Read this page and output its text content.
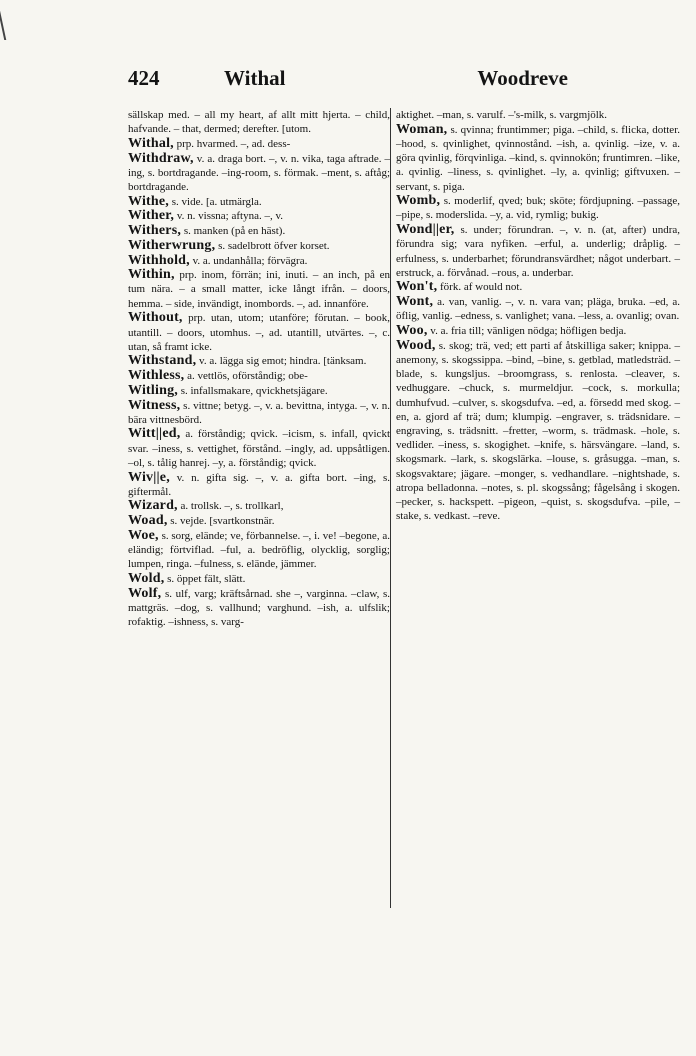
424	Withal	Woodreve

sällskap med. – all my heart, af allt mitt hjerta. – child, hafvande. – that, dermed; derefter. [utom.

Withal, prp. hvarmed. –, ad. dess-

Withdraw, v. a. draga bort. –, v. n. vika, taga aftrade. –ing, s. bortdragande. –ing-room, s. förmak. –ment, s. aftåg; bortdragande.

Withe, s. vide. [a. utmärgla.

Wither, v. n. vissna; aftyna. –, v.

Withers, s. manken (på en häst).

Witherwrung, s. sadelbrott öfver korset.

Withhold, v. a. undanhålla; förvägra.

Within, prp. inom, förrän; ini, inuti. – an inch, på en tum nära. – a small matter, icke långt ifrån. – doors, hemma. – side, invändigt, inombords. –, ad. innanföre.

Without, prp. utan, utom; utanföre; förutan. – book, utantill. – doors, utomhus. –, ad. utantill, utvärtes. –, c. utan, så framt icke.

Withstand, v. a. lägga sig emot; hindra. [tänksam.

Withless, a. vettlös, oförståndig; obe-

Witling, s. infallsmakare, qvickhetsjägare.

Witness, s. vittne; betyg. –, v. a. bevittna, intyga. –, v. n. bära vittnesbörd.

Witt||ed, a. förståndig; qvick. –icism, s. infall, qvickt svar. –iness, s. vettighet, förstånd. –ingly, ad. uppsåtligen. –ol, s. tålig hanrej. –y, a. förståndig; qvick.

Wiv||e, v. n. gifta sig. –, v. a. gifta bort. –ing, s. giftermål.

Wizard, a. trollsk. –, s. trollkarl,

Woad, s. vejde. [svartkonstnär.

Woe, s. sorg, elände; ve, förbannelse. –, i. ve! –begone, a. eländig; förtviflad. –ful, a. bedröflig, olycklig, sorglig; lumpen, ringa. –fulness, s. elände, jämmer.

Wold, s. öppet fält, slätt.

Wolf, s. ulf, varg; kräftsårnad. she –, varginna. –claw, s. mattgräs. –dog, s. vallhund; varghund. –ish, a. ulfslik; rofaktig. –ishness, s. varg-

aktighet. –man, s. varulf. –'s-milk, s. vargmjölk.

Woman, s. qvinna; fruntimmer; piga. –child, s. flicka, dotter. –hood, s. qvinlighet, qvinnostånd. –ish, a. qvinlig. –ize, v. a. göra qvinlig, förqvinliga. –kind, s. qvinnokön; fruntimren. –like, a. qvinlig. –liness, s. qvinlighet. –ly, a. qvinlig; giftvuxen. –servant, s. piga.

Womb, s. moderlif, qved; buk; sköte; fördjupning. –passage, –pipe, s. moderslida. –y, a. vid, rymlig; bukig.

Wond||er, s. under; förundran. –, v. n. (at, after) undra, förundra sig; vara nyfiken. –erful, a. underlig; dråplig. –erfulness, s. underbarhet; förundransvärdhet; något underbart. –erstruck, a. förvånad. –rous, a. underbar.

Won't, förk. af would not.

Wont, a. van, vanlig. –, v. n. vara van; pläga, bruka. –ed, a. öflig, vanlig. –edness, s. vanlighet; vana. –less, a. ovanlig; ovan.

Woo, v. a. fria till; vänligen nödga; höfligen bedja.

Wood, s. skog; trä, ved; ett parti af åtskilliga saker; knippa. –anemony, s. skogssippa. –bind, –bine, s. getblad, matledsträd. –blade, s. kungsljus. –broomgrass, s. renlosta. –cleaver, s. vedhuggare. –chuck, s. murmeldjur. –cock, s. morkulla; dumhufvud. –culver, s. skogsdufva. –ed, a. försedd med skog. –en, a. gjord af trä; dum; klumpig. –engraver, s. trädsnidare. –engraving, s. trädsnitt. –fretter, –worm, s. trädmask. –hole, s. vedlider. –iness, s. skogighet. –knife, s. härsvängare. –land, s. skogsmark. –lark, s. skogslärka. –louse, s. gråsugga. –man, s. skogsvaktare; jägare. –monger, s. vedhandlare. –nightshade, s. atropa belladonna. –notes, s. pl. skogssång; fågelsång i skogen. –pecker, s. hackspett. –pigeon, –quist, s. skogsdufva. –pile, –stake, s. vedkast. –reve.
